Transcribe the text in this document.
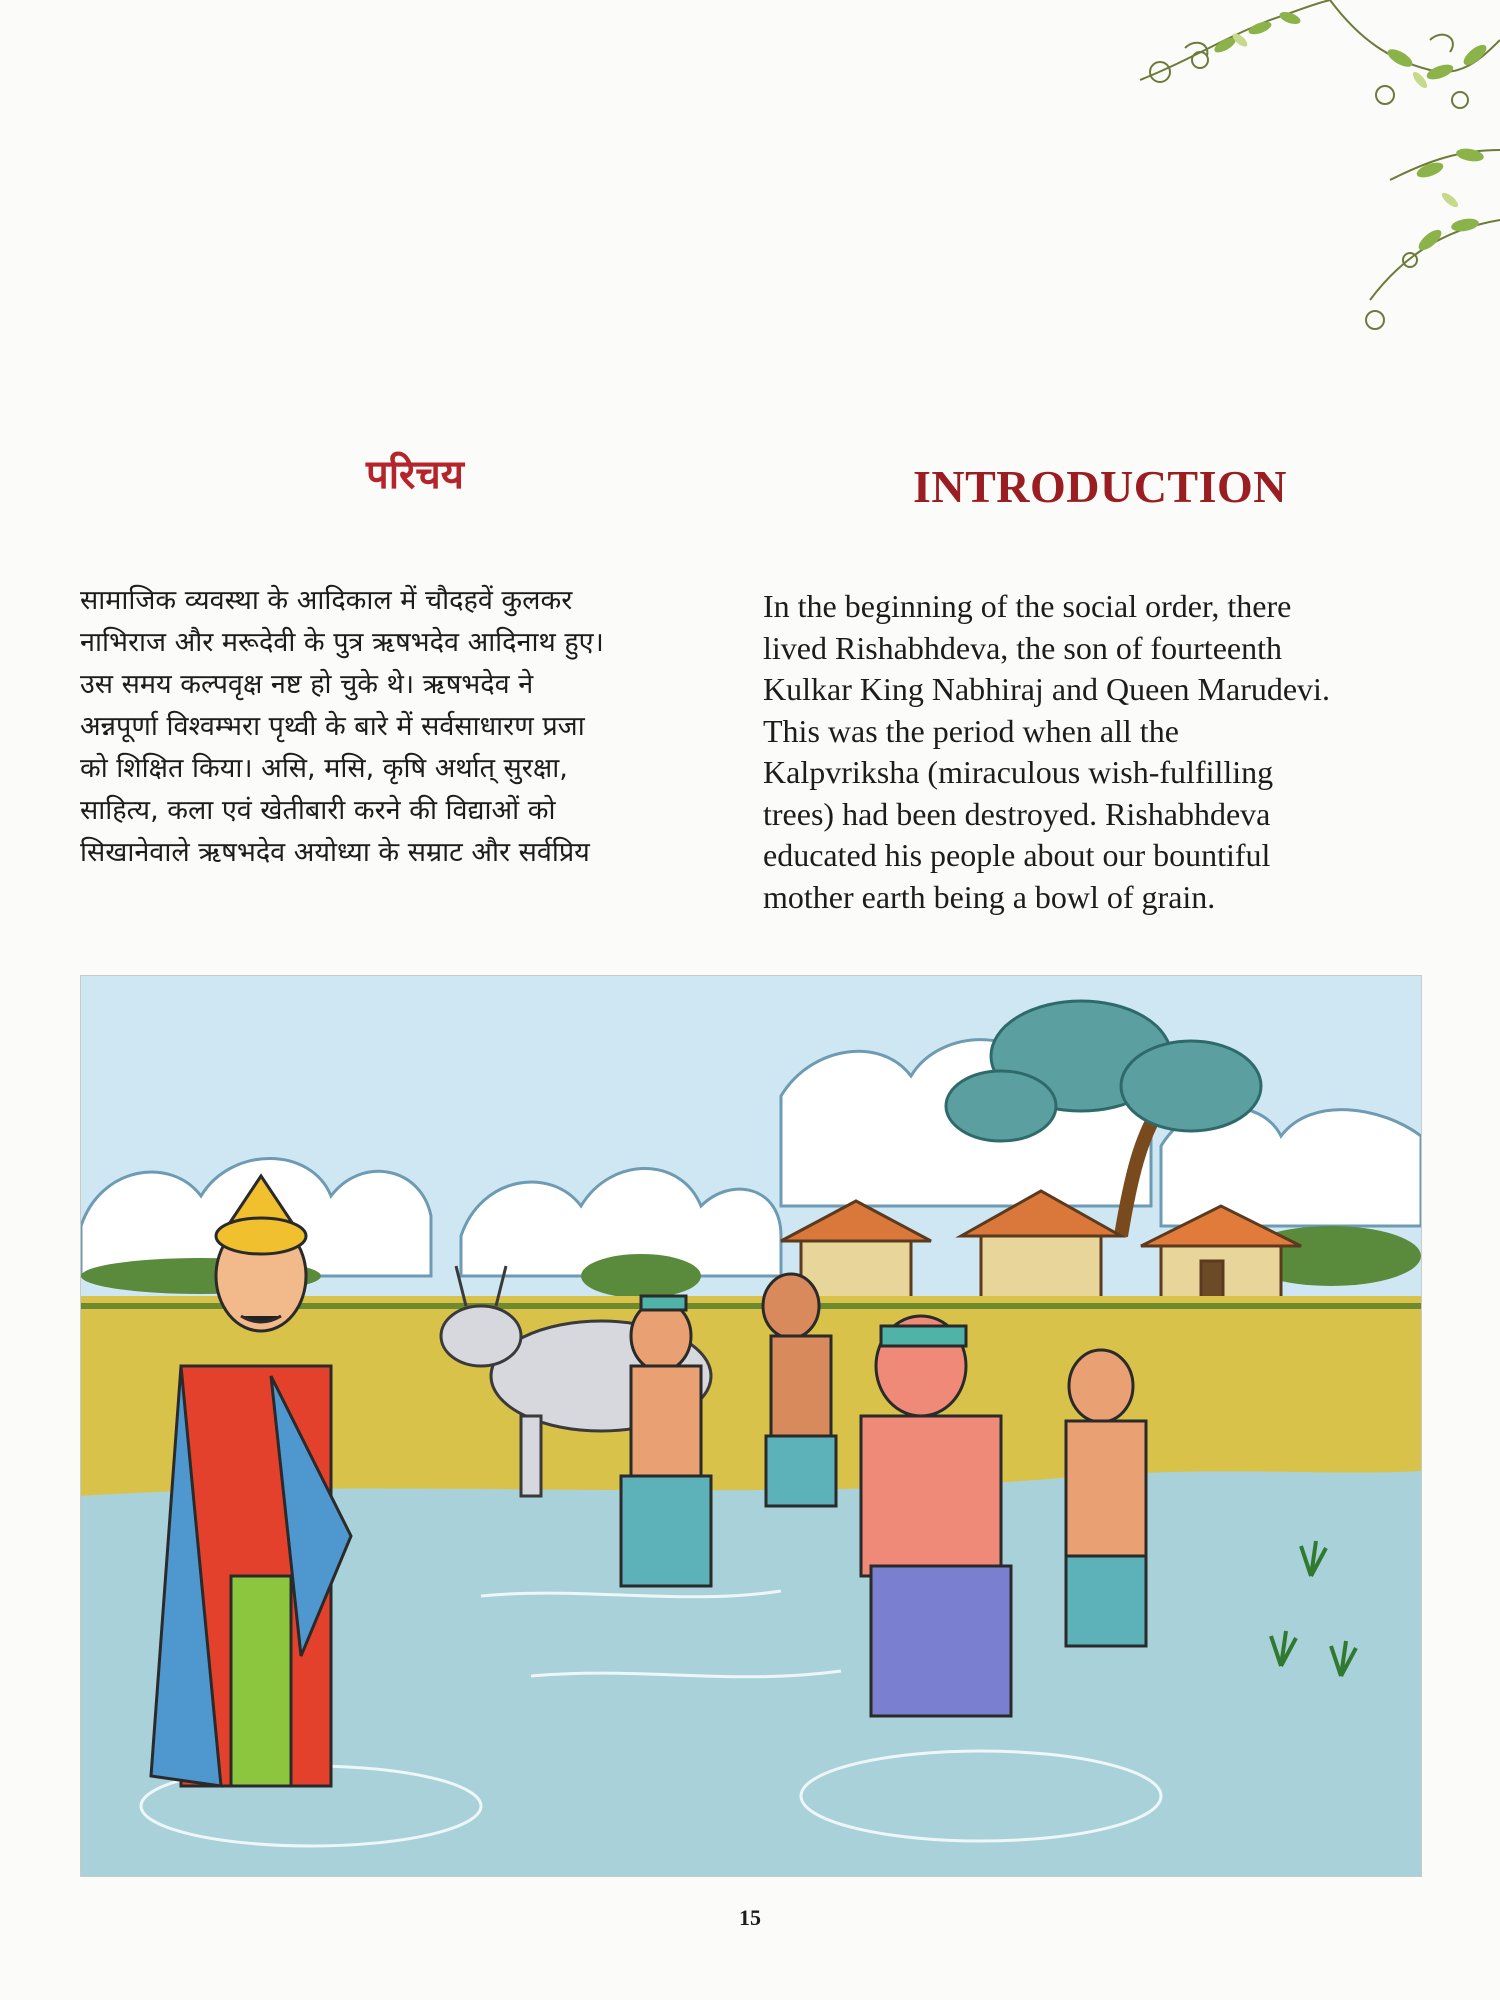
परिचय	INTRODUCTION
सामाजिक व्यवस्था के आदिकाल में चौदहवें कुलकर
नाभिराज और मरूदेवी के पुत्र ऋषभदेव आदिनाथ हुए।
उस समय कल्पवृक्ष नष्ट हो चुके थे। ऋषभदेव ने
अन्नपूर्णा विश्वम्भरा पृथ्वी के बारे में सर्वसाधारण प्रजा
को शिक्षित किया। असि, मसि, कृषि अर्थात् सुरक्षा,
साहित्य, कला एवं खेतीबारी करने की विद्याओं को
सिखानेवाले ऋषभदेव अयोध्या के सम्राट और सर्वप्रिय
In the beginning of the social order, there
lived Rishabhdeva, the son of fourteenth
Kulkar King Nabhiraj and Queen Marudevi.
This was the period when all the
Kalpvriksha (miraculous wish-fulfilling
trees) had been destroyed. Rishabhdeva
educated his people about our bountiful
mother earth being a bowl of grain.
15
